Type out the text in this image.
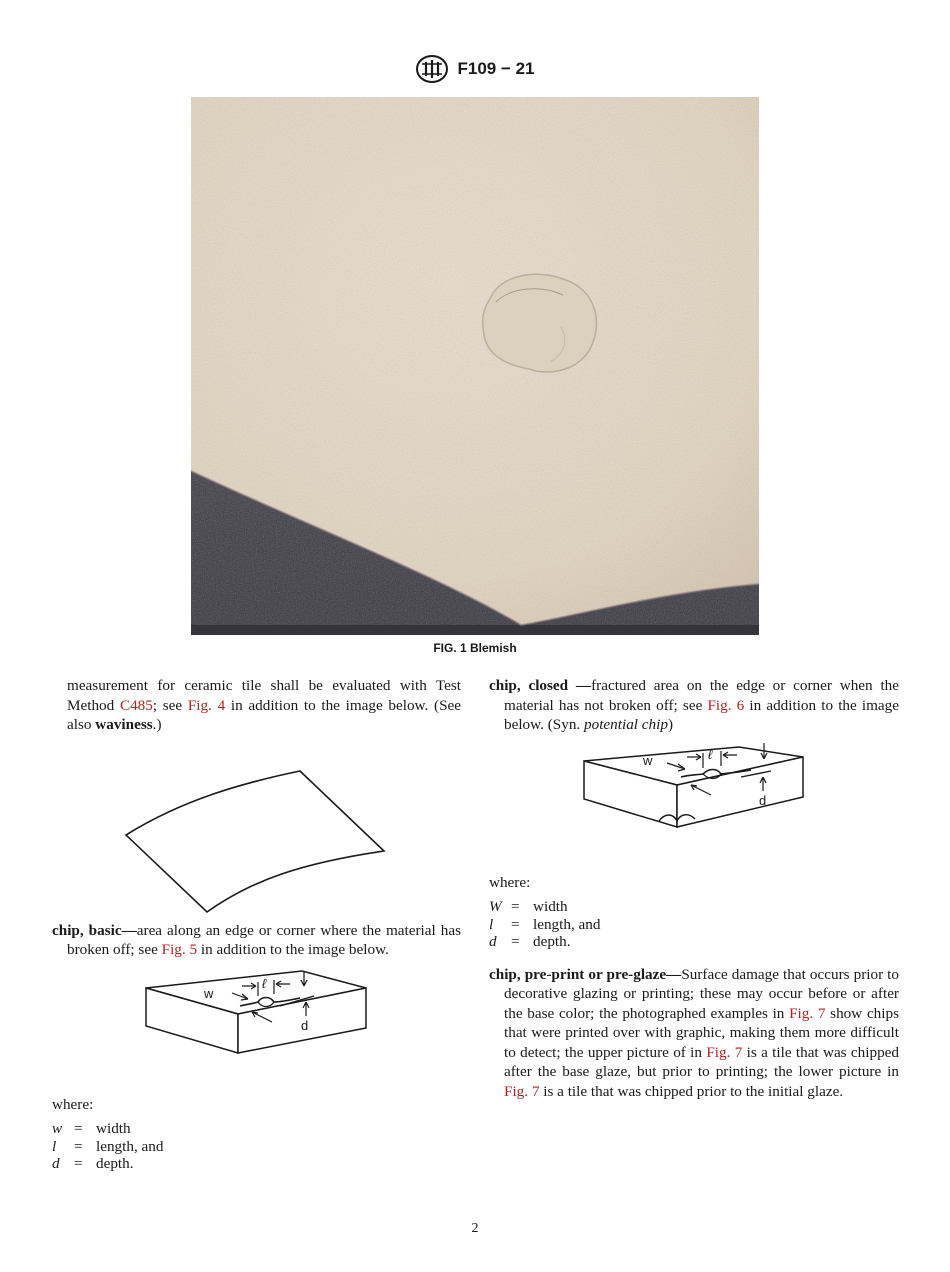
F109 − 21
FIG. 1 Blemish

measurement for ceramic tile shall be evaluated with Test Method C485; see Fig. 4 in addition to the image below. (See also waviness.)

chip, basic—area along an edge or corner where the material has broken off; see Fig. 5 in addition to the image below.

w
ℓ
d

where:

w = width
l	= length, and
d = depth.

chip, closed —fractured area on the edge or corner when the material has not broken off; see Fig. 6 in addition to the image below. (Syn. potential chip)

w	ℓ
d

where:

W = width
l	= length, and
d = depth.

chip, pre-print or pre-glaze—Surface damage that occurs prior to decorative glazing or printing; these may occur before or after the base color; the photographed examples in Fig. 7 show chips that were printed over with graphic, making them more difficult to detect; the upper picture of in Fig. 7 is a tile that was chipped after the base glaze, but prior to printing; the lower picture in Fig. 7 is a tile that was chipped prior to the initial glaze.

2
